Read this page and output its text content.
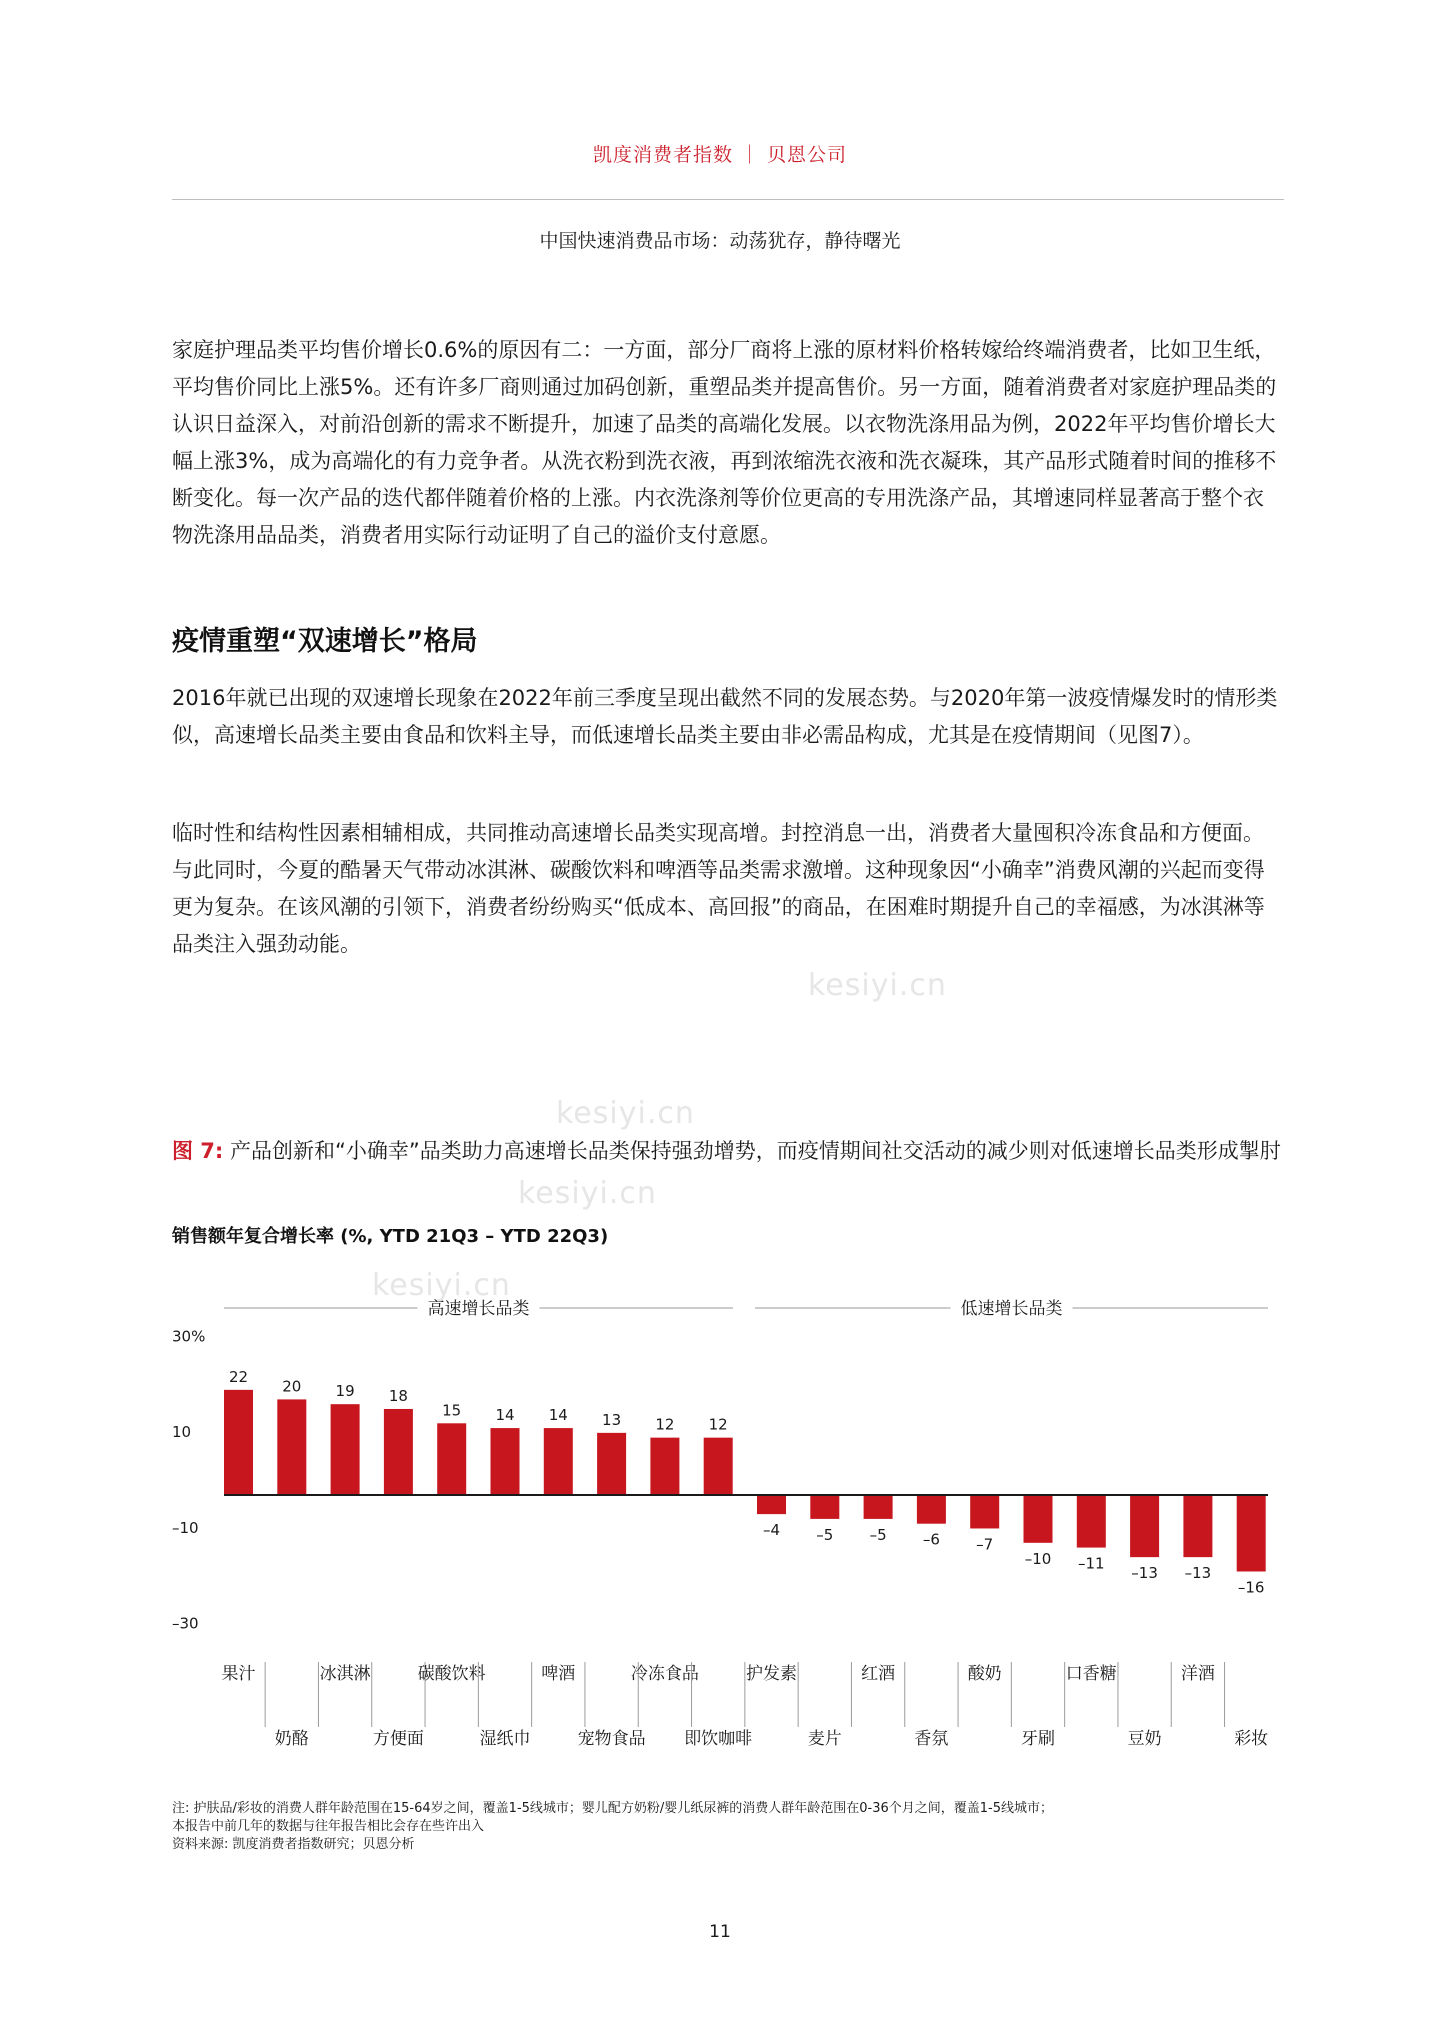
凯度消费者指数 ｜ 贝恩公司
中国快速消费品市场：动荡犹存，静待曙光
kesiyi.cn
kesiyi.cn
kesiyi.cn
kesiyi.cn

家庭护理品类平均售价增长0.6%的原因有二：一方面，部分厂商将上涨的原材料价格转嫁给终端消费者，比如卫生纸，平均售价同比上涨5%。还有许多厂商则通过加码创新，重塑品类并提高售价。另一方面，随着消费者对家庭护理品类的认识日益深入，对前沿创新的需求不断提升，加速了品类的高端化发展。以衣物洗涤用品为例，2022年平均售价增长大幅上涨3%，成为高端化的有力竞争者。从洗衣粉到洗衣液，再到浓缩洗衣液和洗衣凝珠，其产品形式随着时间的推移不断变化。每一次产品的迭代都伴随着价格的上涨。内衣洗涤剂等价位更高的专用洗涤产品，其增速同样显著高于整个衣物洗涤用品品类，消费者用实际行动证明了自己的溢价支付意愿。

疫情重塑“双速增长”格局

2016年就已出现的双速增长现象在2022年前三季度呈现出截然不同的发展态势。与2020年第一波疫情爆发时的情形类似，高速增长品类主要由食品和饮料主导，而低速增长品类主要由非必需品构成，尤其是在疫情期间（见图7）。

临时性和结构性因素相辅相成，共同推动高速增长品类实现高增。封控消息一出，消费者大量囤积冷冻食品和方便面。与此同时，今夏的酷暑天气带动冰淇淋、碳酸饮料和啤酒等品类需求激增。这种现象因“小确幸”消费风潮的兴起而变得更为复杂。在该风潮的引领下，消费者纷纷购买“低成本、高回报”的商品，在困难时期提升自己的幸福感，为冰淇淋等品类注入强劲动能。

图 7: 产品创新和“小确幸”品类助力高速增长品类保持强劲增势，而疫情期间社交活动的减少则对低速增长品类形成掣肘
销售额年复合增长率 (%, YTD 21Q3 – YTD 22Q3)
30%
10
–10
–30
高速增长品类	低速增长品类
22
20 19 18
15 14 14 13 12 12
–4 –5 –5 –6 –7
–10 –11
–13 –13
–16
果汁
奶酪
冰淇淋
方便面
碳酸饮料
湿纸巾
啤酒
宠物食品
冷冻食品
即饮咖啡
护发素
麦片
红酒
香氛
酸奶
牙刷
口香糖
豆奶
洋酒
彩妆
注: 护肤品/彩妆的消费人群年龄范围在15-64岁之间，覆盖1-5线城市；婴儿配方奶粉/婴儿纸尿裤的消费人群年龄范围在0-36个月之间，覆盖1-5线城市；
本报告中前几年的数据与往年报告相比会存在些许出入
资料来源: 凯度消费者指数研究；贝恩分析
11
